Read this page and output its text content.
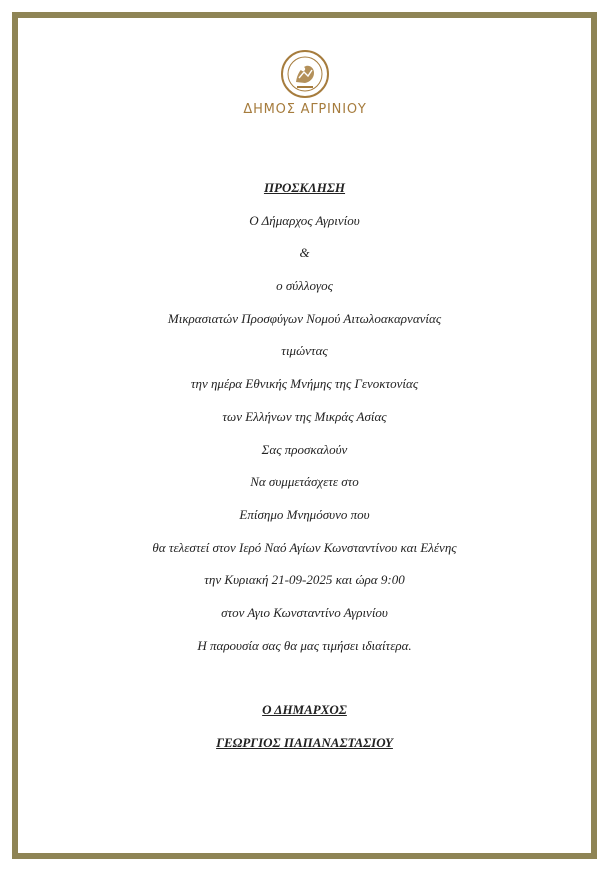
ΔΗΜΟΣ ΑΓΡΙΝΙΟΥ
ΠΡΟΣΚΛΗΣΗ
Ο Δήμαρχος Αγρινίου
&
ο σύλλογος
Μικρασιατών Προσφύγων Νομού Αιτωλοακαρνανίας
τιμώντας
την ημέρα Εθνικής Μνήμης της Γενοκτονίας
των Ελλήνων της Μικράς Ασίας
Σας προσκαλούν
Να συμμετάσχετε στο
Επίσημο Μνημόσυνο που
θα τελεστεί στον Ιερό Ναό Αγίων Κωνσταντίνου και Ελένης
την Κυριακή 21-09-2025 και ώρα 9:00
στον Αγιο Κωνσταντίνο Αγρινίου
Η παρουσία σας θα μας τιμήσει ιδιαίτερα.
Ο ΔΗΜΑΡΧΟΣ
ΓΕΩΡΓΙΟΣ ΠΑΠΑΝΑΣΤΑΣΙΟΥ
